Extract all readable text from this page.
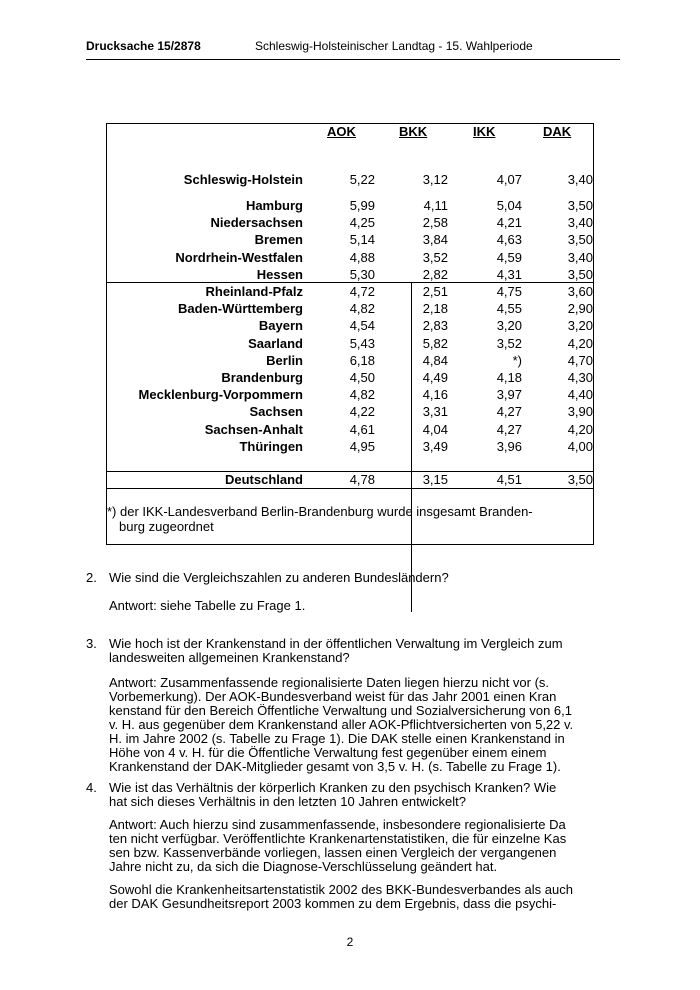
Drucksache 15/2878	Schleswig-Holsteinischer Landtag - 15. Wahlperiode
AOK	BKK	IKK	DAK
Schleswig-Holstein	5,22	3,12	4,07	3,40
Hamburg	5,99	4,11	5,04	3,50
Niedersachsen	4,25	2,58	4,21	3,40
Bremen	5,14	3,84	4,63	3,50
Nordrhein-Westfalen	4,88	3,52	4,59	3,40
Hessen	5,30	2,82	4,31	3,50
Rheinland-Pfalz	4,72	2,51	4,75	3,60
Baden-Württemberg	4,82	2,18	4,55	2,90
Bayern	4,54	2,83	3,20	3,20
Saarland	5,43	5,82	3,52	4,20
Berlin	6,18	4,84	*)	4,70
Brandenburg	4,50	4,49	4,18	4,30
Mecklenburg-Vorpommern	4,82	4,16	3,97	4,40
Sachsen	4,22	3,31	4,27	3,90
Sachsen-Anhalt	4,61	4,04	4,27	4,20
Thüringen	4,95	3,49	3,96	4,00
Deutschland	4,78	3,15	4,51	3,50
*) der IKK-Landesverband Berlin-Brandenburg wurde insgesamt Branden-
burg zugeordnet
2. Wie sind die Vergleichszahlen zu anderen Bundesländern?
Antwort: siehe Tabelle zu Frage 1.
3. Wie hoch ist der Krankenstand in der öffentlichen Verwaltung im Vergleich zum
landesweiten allgemeinen Krankenstand?
Antwort: Zusammenfassende regionalisierte Daten liegen hierzu nicht vor (s.
Vorbemerkung). Der AOK-Bundesverband weist für das Jahr 2001 einen Kran
kenstand für den Bereich Öffentliche Verwaltung und Sozialversicherung von 6,1
v. H. aus gegenüber dem Krankenstand aller AOK-Pflichtversicherten von 5,22 v.
H. im Jahre 2002 (s. Tabelle zu Frage 1). Die DAK stelle einen Krankenstand in
Höhe von 4 v. H. für die Öffentliche Verwaltung fest gegenüber einem einem
Krankenstand der DAK-Mitglieder gesamt von 3,5 v. H. (s. Tabelle zu Frage 1).
4. Wie ist das Verhältnis der körperlich Kranken zu den psychisch Kranken? Wie
hat sich dieses Verhältnis in den letzten 10 Jahren entwickelt?
Antwort: Auch hierzu sind zusammenfassende, insbesondere regionalisierte Da
ten nicht verfügbar. Veröffentlichte Krankenartenstatistiken, die für einzelne Kas
sen bzw. Kassenverbände vorliegen, lassen einen Vergleich der vergangenen
Jahre nicht zu, da sich die Diagnose-Verschlüsselung geändert hat.
Sowohl die Krankenheitsartenstatistik 2002 des BKK-Bundesverbandes als auch
der DAK Gesundheitsreport 2003 kommen zu dem Ergebnis, dass die psychi-
2
